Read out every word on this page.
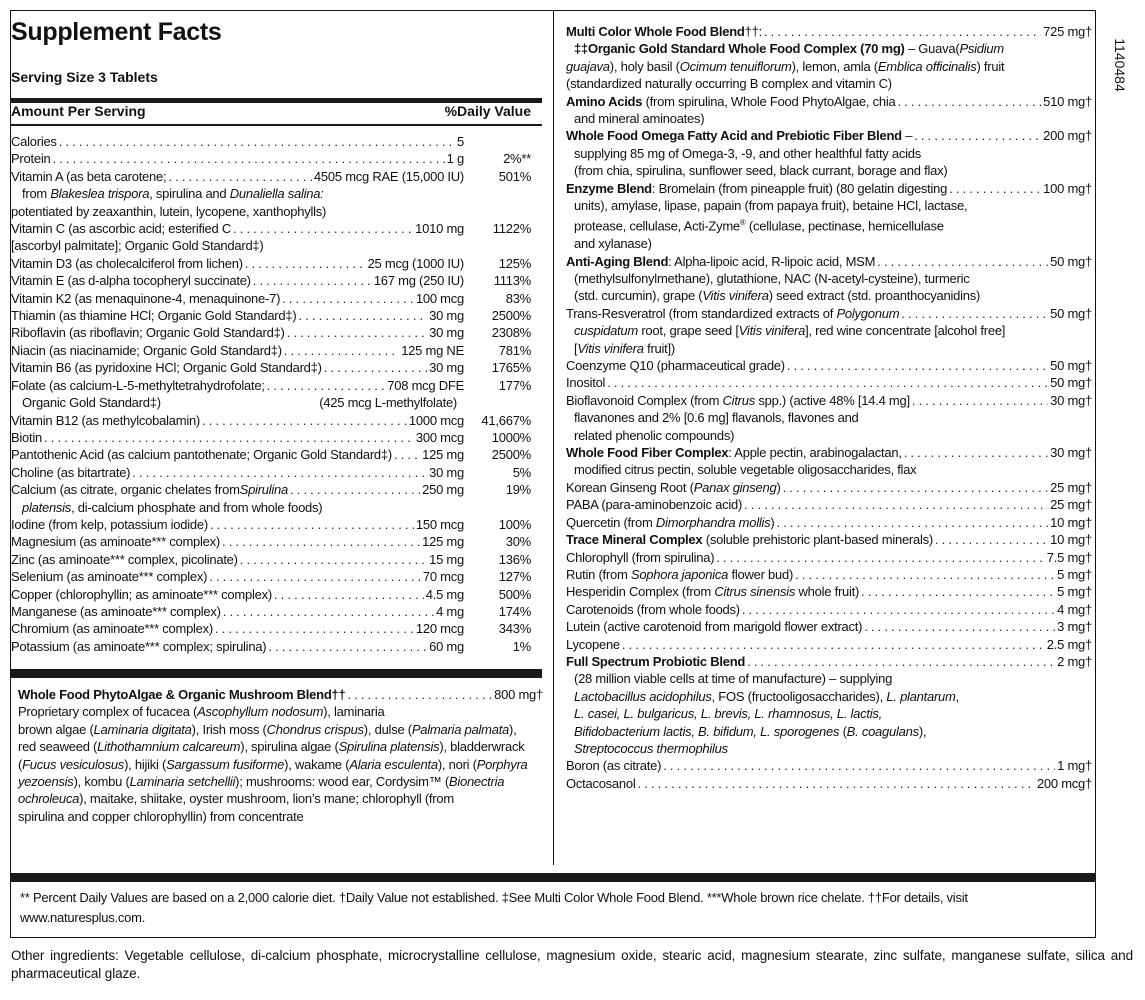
Supplement Facts
Serving Size 3 Tablets
Amount Per Serving	%Daily Value
Calories . . .	5
Protein . . .	1 g	2%**
Vitamin A (as beta carotene; . . .	4505 mcg RAE (15,000 IU)	501%
from Blakeslea trispora, spirulina and Dunaliella salina:
potentiated by zeaxanthin, lutein, lycopene, xanthophylls)
Vitamin C (as ascorbic acid; esterified C . . .	1010 mg	1122%
[ascorbyl palmitate]; Organic Gold Standard‡)
Vitamin D3 (as cholecalciferol from lichen) . . .	25 mcg (1000 IU)	125%
Vitamin E (as d-alpha tocopheryl succinate) . . .	167 mg (250 IU)	1113%
Vitamin K2 (as menaquinone-4, menaquinone-7) . . .	100 mcg	83%
Thiamin (as thiamine HCl; Organic Gold Standard‡) . . .	30 mg	2500%
Riboflavin (as riboflavin; Organic Gold Standard‡) . . .	30 mg	2308%
Niacin (as niacinamide; Organic Gold Standard‡) . . .	125 mg NE	781%
Vitamin B6 (as pyridoxine HCl; Organic Gold Standard‡) . . .	30 mg	1765%
Folate (as calcium-L-5-methyltetrahydrofolate; . . .	708 mcg DFE	177%
Organic Gold Standard‡)	(425 mcg L-methylfolate)
Vitamin B12 (as methylcobalamin) . . .	1000 mcg	41,667%
Biotin . . .	300 mcg	1000%
Pantothenic Acid (as calcium pantothenate; Organic Gold Standard‡) . . . 125 mg	2500%
Choline (as bitartrate) . . .	30 mg	5%
Calcium (as citrate, organic chelates from Spirulina . . .	250 mg	19%
platensis, di-calcium phosphate and from whole foods)
Iodine (from kelp, potassium iodide) . . .	150 mcg	100%
Magnesium (as aminoate*** complex) . . .	125 mg	30%
Zinc (as aminoate*** complex, picolinate) . . .	15 mg	136%
Selenium (as aminoate*** complex) . . .	70 mcg	127%
Copper (chlorophyllin; as aminoate*** complex) . . .	4.5 mg	500%
Manganese (as aminoate*** complex) . . .	4 mg	174%
Chromium (as aminoate*** complex) . . .	120 mcg	343%
Potassium (as aminoate*** complex; spirulina) . . .	60 mg	1%
Whole Food PhytoAlgae & Organic Mushroom Blend†† . . .	800 mg†
Proprietary complex of fucacea (Ascophyllum nodosum), laminaria
brown algae (Laminaria digitata), Irish moss (Chondrus crispus), dulse (Palmaria palmata),
red seaweed (Lithothamnium calcareum), spirulina algae (Spirulina platensis), bladderwrack
(Fucus vesiculosus), hijiki (Sargassum fusiforme), wakame (Alaria esculenta), nori (Porphyra
yezoensis), kombu (Laminaria setchellii); mushrooms: wood ear, Cordysim™ (Bionectria
ochroleuca), maitake, shiitake, oyster mushroom, lion’s mane; chlorophyll (from
spirulina and copper chlorophyllin) from concentrate
Multi Color Whole Food Blend††: . . .	725 mg†
‡‡Organic Gold Standard Whole Food Complex (70 mg) – Guava(Psidium
guajava), holy basil (Ocimum tenuiflorum), lemon, amla (Emblica officinalis) fruit
(standardized naturally occurring B complex and vitamin C)
Amino Acids (from spirulina, Whole Food PhytoAlgae, chia . . .	510 mg†
and mineral aminoates)
Whole Food Omega Fatty Acid and Prebiotic Fiber Blend – . . .	200 mg†
supplying 85 mg of Omega-3, -9, and other healthful fatty acids
(from chia, spirulina, sunflower seed, black currant, borage and flax)
Enzyme Blend: Bromelain (from pineapple fruit) (80 gelatin digesting . . .	100 mg†
units), amylase, lipase, papain (from papaya fruit), betaine HCl, lactase,
protease, cellulase, Acti-Zyme® (cellulase, pectinase, hemicellulase
and xylanase)
Anti-Aging Blend: Alpha-lipoic acid, R-lipoic acid, MSM . . .	50 mg†
(methylsulfonylmethane), glutathione, NAC (N-acetyl-cysteine), turmeric
(std. curcumin), grape (Vitis vinifera) seed extract (std. proanthocyanidins)
Trans-Resveratrol (from standardized extracts of Polygonum . . .	50 mg†
cuspidatum root, grape seed [Vitis vinifera], red wine concentrate [alcohol free]
[Vitis vinifera fruit])
Coenzyme Q10 (pharmaceutical grade) . . .	50 mg†
Inositol . . .	50 mg†
Bioflavonoid Complex (from Citrus spp.) (active 48% [14.4 mg] . . .	30 mg†
flavanones and 2% [0.6 mg] flavanols, flavones and
related phenolic compounds)
Whole Food Fiber Complex: Apple pectin, arabinogalactan, . . .	30 mg†
modified citrus pectin, soluble vegetable oligosaccharides, flax
Korean Ginseng Root (Panax ginseng) . . .	25 mg†
PABA (para-aminobenzoic acid) . . .	25 mg†
Quercetin (from Dimorphandra mollis) . . .	10 mg†
Trace Mineral Complex (soluble prehistoric plant-based minerals) . . .	10 mg†
Chlorophyll (from spirulina) . . .	7.5 mg†
Rutin (from Sophora japonica flower bud) . . .	5 mg†
Hesperidin Complex (from Citrus sinensis whole fruit) . . .	5 mg†
Carotenoids (from whole foods) . . .	4 mg†
Lutein (active carotenoid from marigold flower extract) . . .	3 mg†
Lycopene . . .	2.5 mg†
Full Spectrum Probiotic Blend . . .	2 mg†
(28 million viable cells at time of manufacture) – supplying
Lactobacillus acidophilus, FOS (fructooligosaccharides), L. plantarum,
L. casei, L. bulgaricus, L. brevis, L. rhamnosus, L. lactis,
Bifidobacterium lactis, B. bifidum, L. sporogenes (B. coagulans),
Streptococcus thermophilus
Boron (as citrate) . . .	1 mg†
Octacosanol . . .	200 mcg†
** Percent Daily Values are based on a 2,000 calorie diet. †Daily Value not established. ‡See Multi Color Whole Food Blend. ***Whole brown rice chelate. ††For details, visit
www.naturesplus.com.
Other ingredients: Vegetable cellulose, di-calcium phosphate, microcrystalline cellulose, magnesium oxide, stearic acid, magnesium stearate, zinc sulfate, manganese sulfate, silica and pharmaceutical glaze.
1140484
